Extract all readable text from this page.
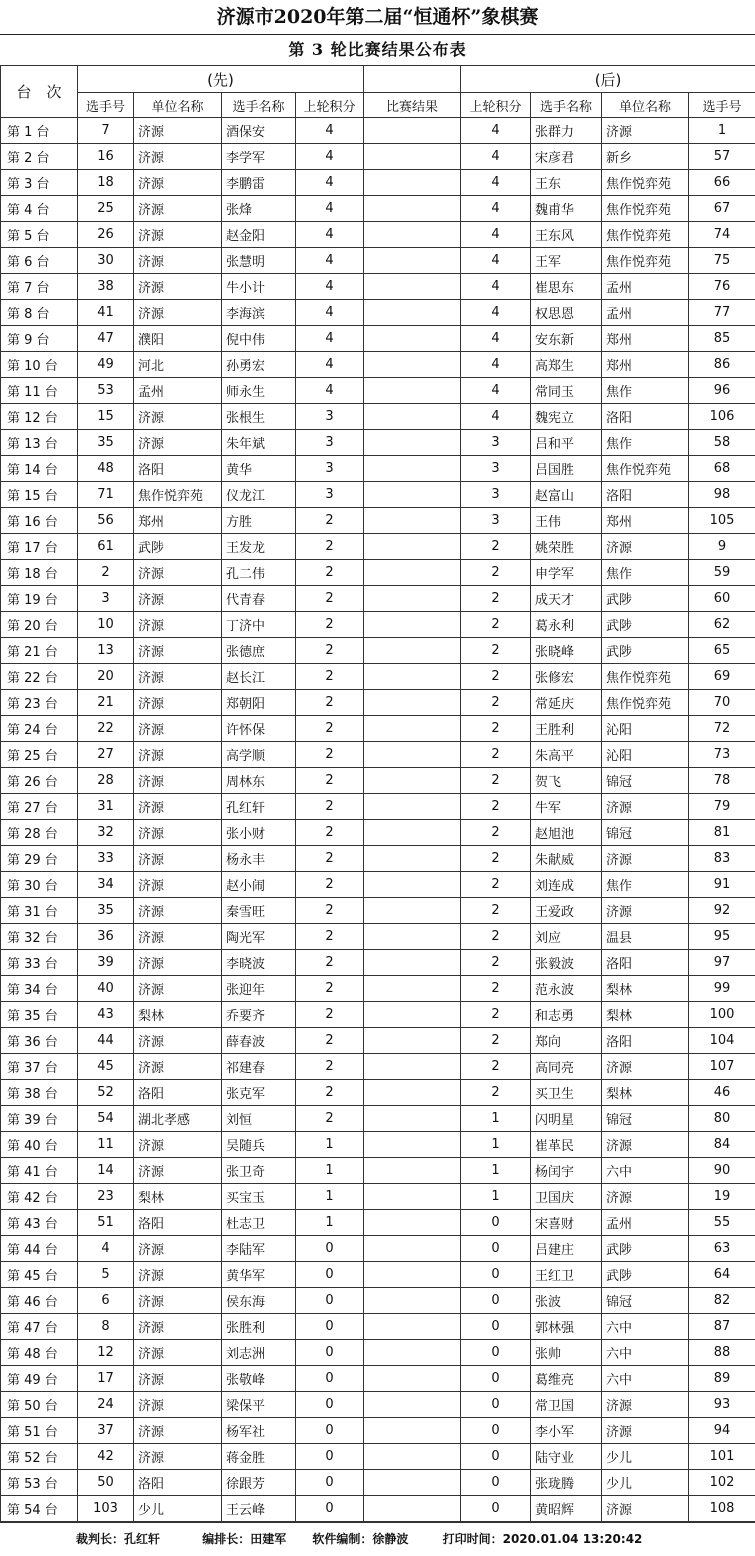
济源市2020年第二届“恒通杯”象棋赛
第 3 轮比赛结果公布表
台　次	(先)					(后)			
	选手号	单位名称	选手名称	上轮积分	比赛结果	上轮积分	选手名称	单位名称	选手号
第 1 台	7	济源	酒保安	4		4	张群力	济源	1
第 2 台	16	济源	李学军	4		4	宋彦君	新乡	57
第 3 台	18	济源	李鹏雷	4		4	王东	焦作悦弈苑	66
第 4 台	25	济源	张烽	4		4	魏甫华	焦作悦弈苑	67
第 5 台	26	济源	赵金阳	4		4	王东风	焦作悦弈苑	74
第 6 台	30	济源	张慧明	4		4	王军	焦作悦弈苑	75
第 7 台	38	济源	牛小计	4		4	崔思东	孟州	76
第 8 台	41	济源	李海滨	4		4	权思恩	孟州	77
第 9 台	47	濮阳	倪中伟	4		4	安东新	郑州	85
第 10 台	49	河北	孙勇宏	4		4	高郑生	郑州	86
第 11 台	53	孟州	师永生	4		4	常同玉	焦作	96
第 12 台	15	济源	张根生	3		4	魏宪立	洛阳	106
第 13 台	35	济源	朱年斌	3		3	吕和平	焦作	58
第 14 台	48	洛阳	黄华	3		3	吕国胜	焦作悦弈苑	68
第 15 台	71	焦作悦弈苑	仪龙江	3		3	赵富山	洛阳	98
第 16 台	56	郑州	方胜	2		3	王伟	郑州	105
第 17 台	61	武陟	王发龙	2		2	姚荣胜	济源	9
第 18 台	2	济源	孔二伟	2		2	申学军	焦作	59
第 19 台	3	济源	代青春	2		2	成天才	武陟	60
第 20 台	10	济源	丁济中	2		2	葛永利	武陟	62
第 21 台	13	济源	张德庶	2		2	张晓峰	武陟	65
第 22 台	20	济源	赵长江	2		2	张修宏	焦作悦弈苑	69
第 23 台	21	济源	郑朝阳	2		2	常延庆	焦作悦弈苑	70
第 24 台	22	济源	许怀保	2		2	王胜利	沁阳	72
第 25 台	27	济源	高学顺	2		2	朱高平	沁阳	73
第 26 台	28	济源	周林东	2		2	贺飞	锦冠	78
第 27 台	31	济源	孔红轩	2		2	牛军	济源	79
第 28 台	32	济源	张小财	2		2	赵旭池	锦冠	81
第 29 台	33	济源	杨永丰	2		2	朱献威	济源	83
第 30 台	34	济源	赵小闹	2		2	刘连成	焦作	91
第 31 台	35	济源	秦雪旺	2		2	王爱政	济源	92
第 32 台	36	济源	陶光军	2		2	刘应	温县	95
第 33 台	39	济源	李晓波	2		2	张毅波	洛阳	97
第 34 台	40	济源	张迎年	2		2	范永波	梨林	99
第 35 台	43	梨林	乔要齐	2		2	和志勇	梨林	100
第 36 台	44	济源	薛春波	2		2	郑向	洛阳	104
第 37 台	45	济源	祁建春	2		2	高同亮	济源	107
第 38 台	52	洛阳	张克军	2		2	买卫生	梨林	46
第 39 台	54	湖北孝感	刘恒	2		1	闪明星	锦冠	80
第 40 台	11	济源	吴随兵	1		1	崔革民	济源	84
第 41 台	14	济源	张卫奇	1		1	杨闰宇	六中	90
第 42 台	23	梨林	买宝玉	1		1	卫国庆	济源	19
第 43 台	51	洛阳	杜志卫	1		0	宋喜财	孟州	55
第 44 台	4	济源	李陆军	0		0	吕建庄	武陟	63
第 45 台	5	济源	黄华军	0		0	王红卫	武陟	64
第 46 台	6	济源	侯东海	0		0	张波	锦冠	82
第 47 台	8	济源	张胜利	0		0	郭林强	六中	87
第 48 台	12	济源	刘志洲	0		0	张帅	六中	88
第 49 台	17	济源	张敬峰	0		0	葛维亮	六中	89
第 50 台	24	济源	梁保平	0		0	常卫国	济源	93
第 51 台	37	济源	杨军社	0		0	李小军	济源	94
第 52 台	42	济源	蒋金胜	0		0	陆守业	少儿	101
第 53 台	50	洛阳	徐跟芳	0		0	张珑腾	少儿	102
第 54 台	103	少儿	王云峰	0		0	黄昭辉	济源	108
裁判长：孔红轩	编排长：田建军 软件编制：徐静波	打印时间：2020.01.04 13:20:42
